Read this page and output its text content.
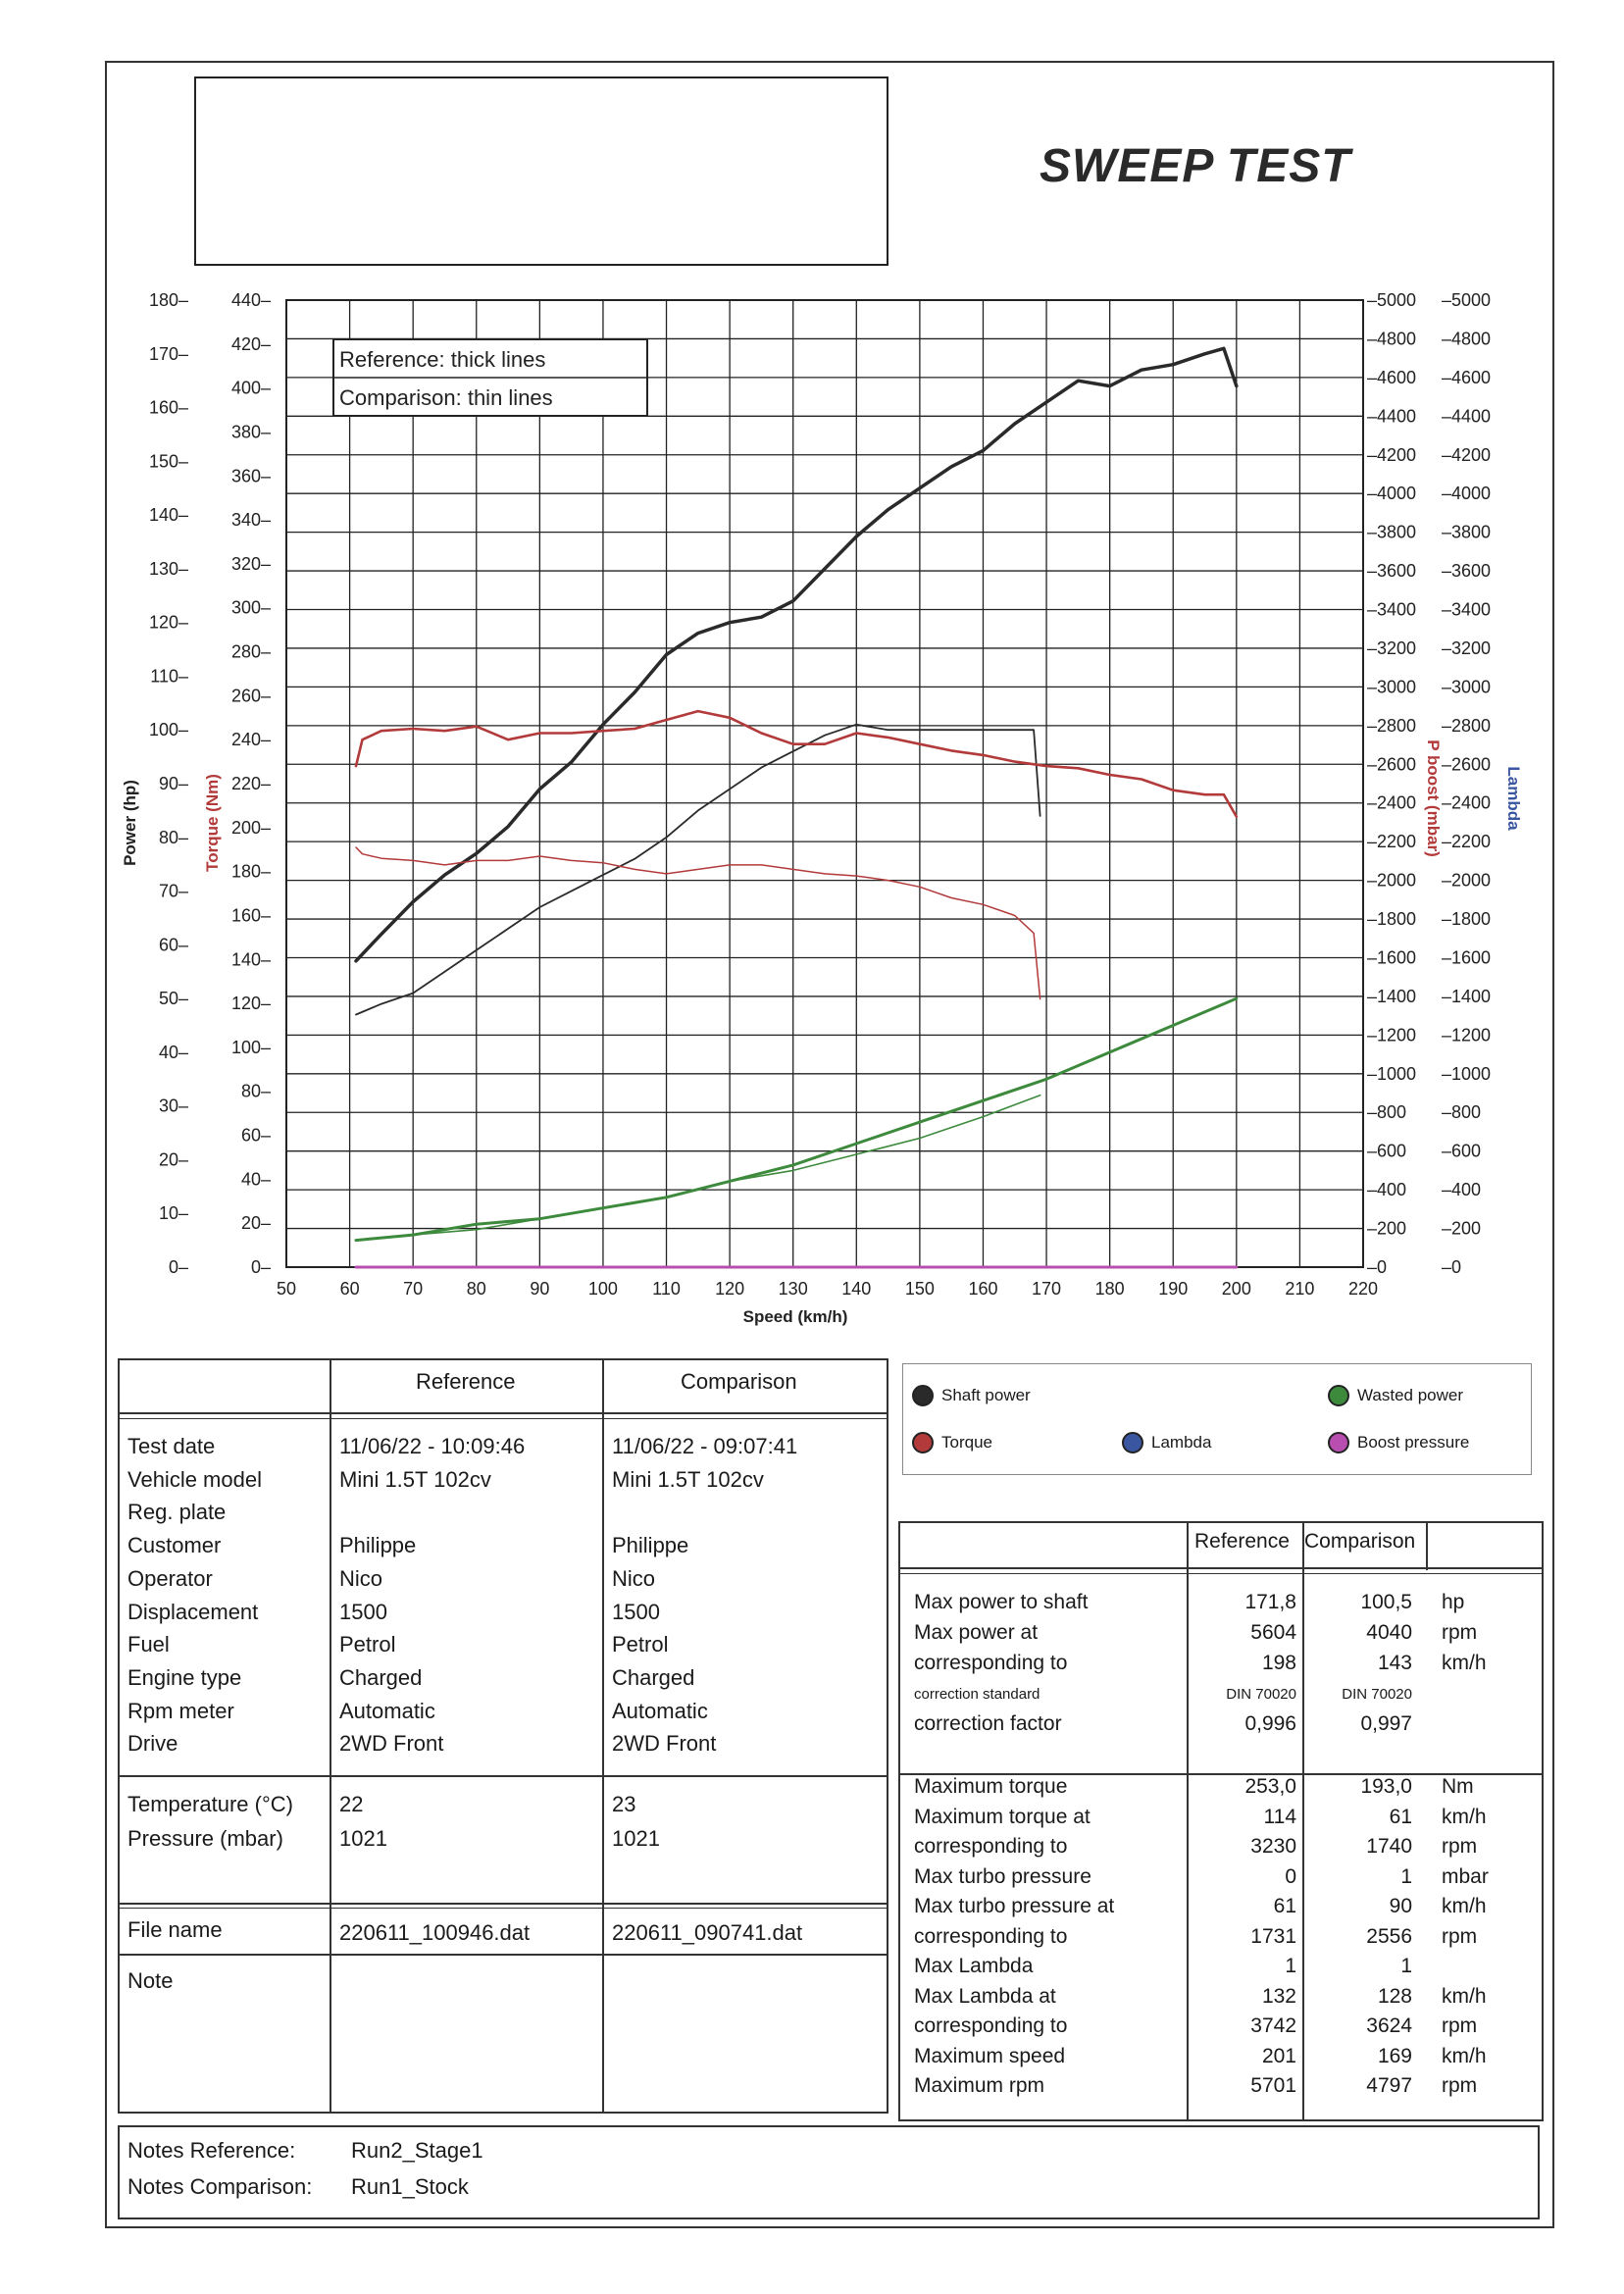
SWEEP TEST
50 60 70 80 90 100 110 120 130 140 150 160 170 180 190 200 210 220
0–
10–
20–
30–
40–
50–
60–
70–
80–
90–
100–
110–
120–
130–
140–
150–
160–
170–
180–
0–
20–
40–
60–
80–
100–
120–
140–
160–
180–
200–
220–
240–
260–
280–
300–
320–
340–
360–
380–
400–
420–
440–
–0
–200
–400
–600
–800
–1000
–1200
–1400
–1600
–1800
–2000
–2200
–2400
–2600
–2800
–3000
–3200
–3400
–3600
–3800
–4000
–4200
–4400
–4600
–4800
–5000
–0
–200
–400
–600
–800
–1000
–1200
–1400
–1600
–1800
–2000
–2200
–2400
–2600
–2800
–3000
–3200
–3400
–3600
–3800
–4000
–4200
–4400
–4600
–4800
–5000
Power (hp)	Torque (Nm)	P boost (mbar)	Lambda
Speed (km/h)
Reference: thick lines
Comparison: thin lines
Reference	Comparison
Test date	11/06/22 - 10:09:46	11/06/22 - 09:07:41
Vehicle model	Mini 1.5T 102cv	Mini 1.5T 102cv
Reg. plate
Customer	Philippe	Philippe
Operator	Nico	Nico
Displacement	1500	1500
Fuel	Petrol	Petrol
Engine type	Charged	Charged
Rpm meter	Automatic	Automatic
Drive	2WD Front	2WD Front
Temperature (°C) 22	23
Pressure (mbar)	1021	1021
File name	220611_100946.dat	220611_090741.dat
Note
Shaft power	Wasted power
Torque	Lambda	Boost pressure
Reference Comparison
Max power to shaft	171,8	100,5 hp
Max power at	5604	4040 rpm
corresponding to	198	143 km/h
correction standard	DIN 70020	DIN 70020
correction factor	0,996	0,997
Maximum torque	253,0	193,0 Nm
Maximum torque at	114	61 km/h
corresponding to	3230	1740 rpm
Max turbo pressure	0	1 mbar
Max turbo pressure at	61	90 km/h
corresponding to	1731	2556 rpm
Max Lambda	1	1
Max Lambda at	132	128 km/h
corresponding to	3742	3624 rpm
Maximum speed	201	169 km/h
Maximum rpm	5701	4797 rpm
Notes Reference:	Run2_Stage1
Notes Comparison: Run1_Stock
